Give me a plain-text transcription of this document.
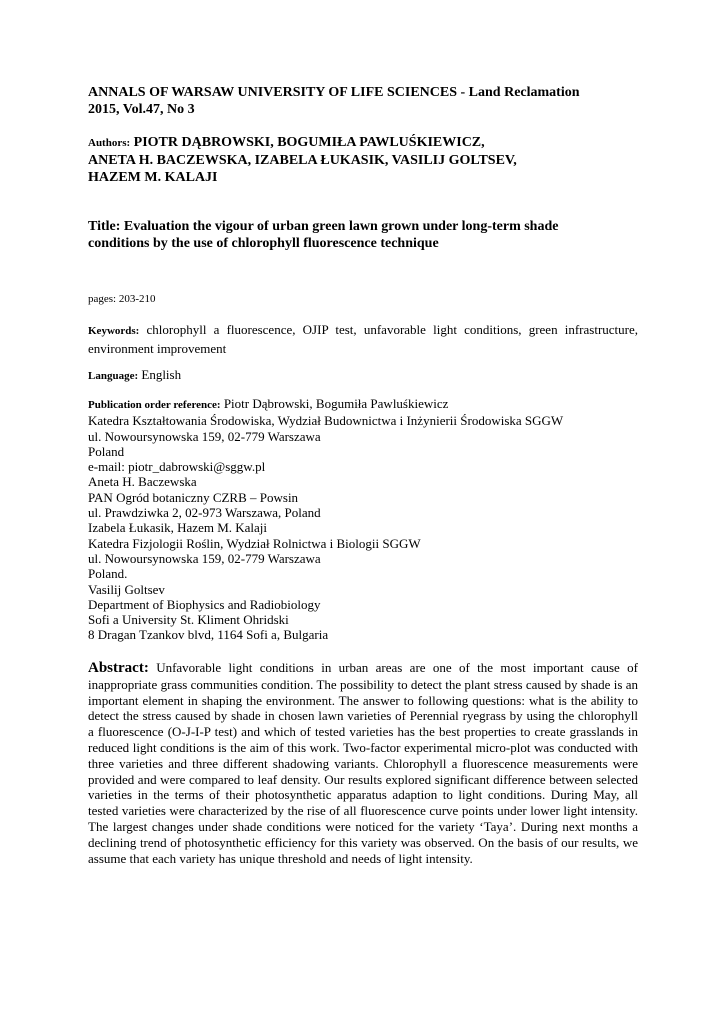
ANNALS OF WARSAW UNIVERSITY OF LIFE SCIENCES - Land Reclamation
2015, Vol.47, No 3
Authors: PIOTR DĄBROWSKI, BOGUMIŁA PAWLUŚKIEWICZ,
ANETA H. BACZEWSKA, IZABELA ŁUKASIK, VASILIJ GOLTSEV,
HAZEM M. KALAJI
Title: Evaluation the vigour of urban green lawn grown under long-term shade
conditions by the use of chlorophyll fluorescence technique
pages: 203-210
Keywords: chlorophyll a fluorescence, OJIP test, unfavorable light conditions, green infrastructure, environment improvement
Language: English
Publication order reference: Piotr Dąbrowski, Bogumiła Pawluśkiewicz
Katedra Kształtowania Środowiska, Wydział Budownictwa i Inżynierii Środowiska SGGW
ul. Nowoursynowska 159, 02-779 Warszawa
Poland
e-mail: piotr_dabrowski@sggw.pl
Aneta H. Baczewska
PAN Ogród botaniczny CZRB – Powsin
ul. Prawdziwka 2, 02-973 Warszawa, Poland
Izabela Łukasik, Hazem M. Kalaji
Katedra Fizjologii Roślin, Wydział Rolnictwa i Biologii SGGW
ul. Nowoursynowska 159, 02-779 Warszawa
Poland.
Vasilij Goltsev
Department of Biophysics and Radiobiology
Sofi a University St. Kliment Ohridski
8 Dragan Tzankov blvd, 1164 Sofi a, Bulgaria
Abstract: Unfavorable light conditions in urban areas are one of the most important cause of inappropriate grass communities condition. The possibility to detect the plant stress caused by shade is an important element in shaping the environment. The answer to following questions: what is the ability to detect the stress caused by shade in chosen lawn varieties of Perennial ryegrass by using the chlorophyll a fluorescence (O-J-I-P test) and which of tested varieties has the best properties to create grasslands in reduced light conditions is the aim of this work. Two-factor experimental micro-plot was conducted with three varieties and three different shadowing variants. Chlorophyll a fluorescence measurements were provided and were compared to leaf density. Our results explored significant difference between selected varieties in the terms of their photosynthetic apparatus adaption to light conditions. During May, all tested varieties were characterized by the rise of all fluorescence curve points under lower light intensity. The largest changes under shade conditions were noticed for the variety ‘Taya’. During next months a declining trend of photosynthetic efficiency for this variety was observed. On the basis of our results, we assume that each variety has unique threshold and needs of light intensity.
